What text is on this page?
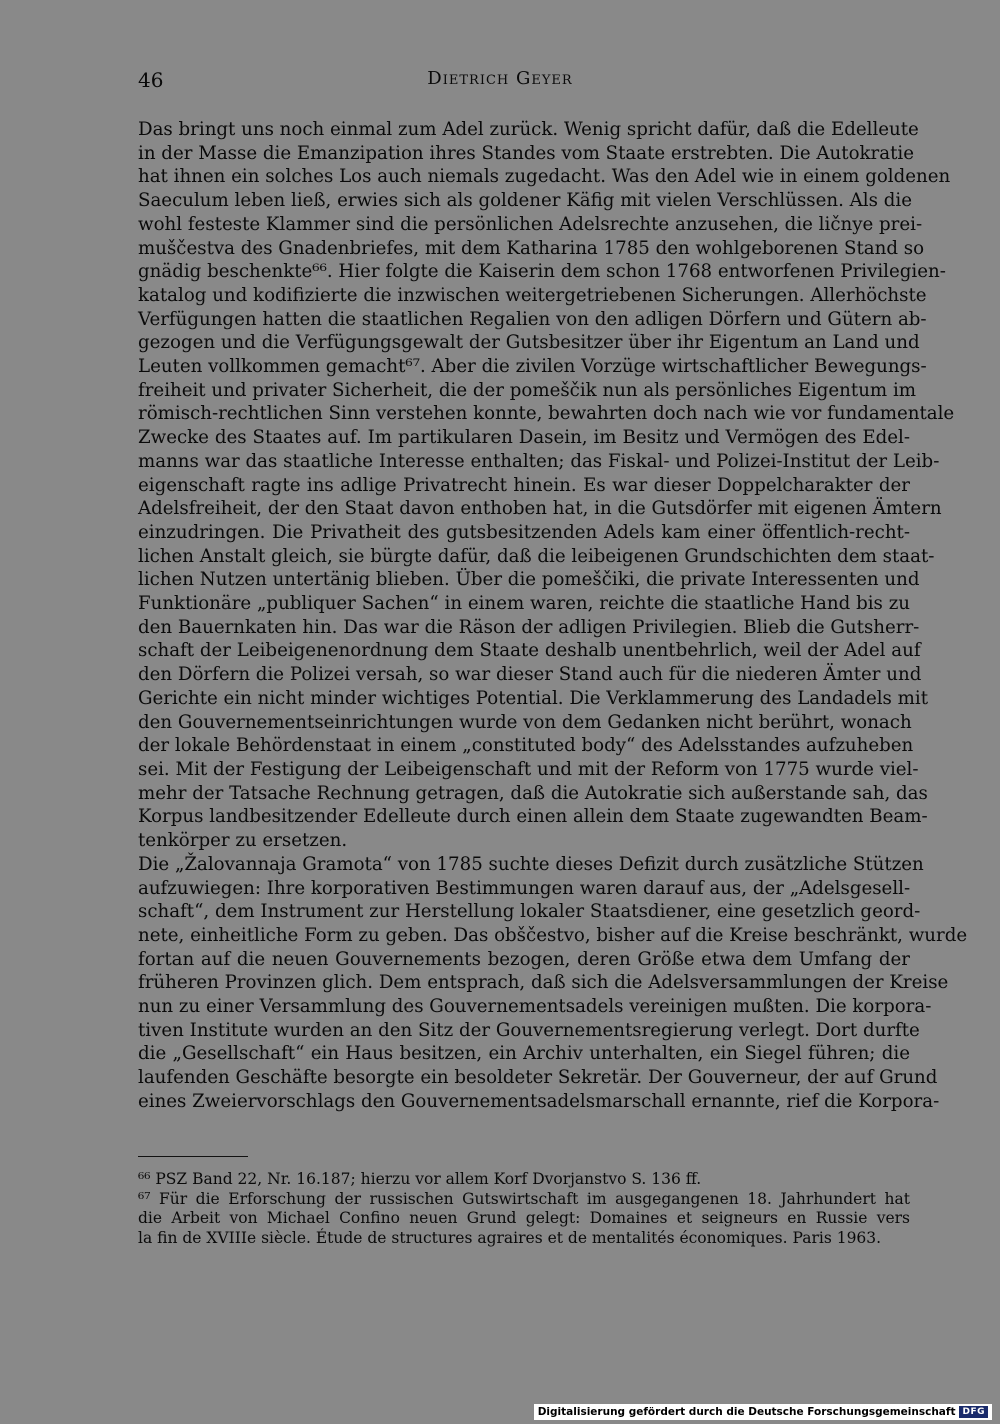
46	Dietrich Geyer
Das bringt uns noch einmal zum Adel zurück. Wenig spricht dafür, daß die Edelleute
in der Masse die Emanzipation ihres Standes vom Staate erstrebten. Die Autokratie
hat ihnen ein solches Los auch niemals zugedacht. Was den Adel wie in einem goldenen
Saeculum leben ließ, erwies sich als goldener Käfig mit vielen Verschlüssen. Als die
wohl festeste Klammer sind die persönlichen Adelsrechte anzusehen, die ličnye prei-
muščestva des Gnadenbriefes, mit dem Katharina 1785 den wohlgeborenen Stand so
gnädig beschenkte⁶⁶. Hier folgte die Kaiserin dem schon 1768 entworfenen Privilegien-
katalog und kodifizierte die inzwischen weitergetriebenen Sicherungen. Allerhöchste
Verfügungen hatten die staatlichen Regalien von den adligen Dörfern und Gütern ab-
gezogen und die Verfügungsgewalt der Gutsbesitzer über ihr Eigentum an Land und
Leuten vollkommen gemacht⁶⁷. Aber die zivilen Vorzüge wirtschaftlicher Bewegungs-
freiheit und privater Sicherheit, die der pomeščik nun als persönliches Eigentum im
römisch-rechtlichen Sinn verstehen konnte, bewahrten doch nach wie vor fundamentale
Zwecke des Staates auf. Im partikularen Dasein, im Besitz und Vermögen des Edel-
manns war das staatliche Interesse enthalten; das Fiskal- und Polizei-Institut der Leib-
eigenschaft ragte ins adlige Privatrecht hinein. Es war dieser Doppelcharakter der
Adelsfreiheit, der den Staat davon enthoben hat, in die Gutsdörfer mit eigenen Ämtern
einzudringen. Die Privatheit des gutsbesitzenden Adels kam einer öffentlich-recht-
lichen Anstalt gleich, sie bürgte dafür, daß die leibeigenen Grundschichten dem staat-
lichen Nutzen untertänig blieben. Über die pomeščiki, die private Interessenten und
Funktionäre „publiquer Sachen“ in einem waren, reichte die staatliche Hand bis zu
den Bauernkaten hin. Das war die Räson der adligen Privilegien. Blieb die Gutsherr-
schaft der Leibeigenenordnung dem Staate deshalb unentbehrlich, weil der Adel auf
den Dörfern die Polizei versah, so war dieser Stand auch für die niederen Ämter und
Gerichte ein nicht minder wichtiges Potential. Die Verklammerung des Landadels mit
den Gouvernementseinrichtungen wurde von dem Gedanken nicht berührt, wonach
der lokale Behördenstaat in einem „constituted body“ des Adelsstandes aufzuheben
sei. Mit der Festigung der Leibeigenschaft und mit der Reform von 1775 wurde viel-
mehr der Tatsache Rechnung getragen, daß die Autokratie sich außerstande sah, das
Korpus landbesitzender Edelleute durch einen allein dem Staate zugewandten Beam-
tenkörper zu ersetzen.
Die „Žalovannaja Gramota“ von 1785 suchte dieses Defizit durch zusätzliche Stützen
aufzuwiegen: Ihre korporativen Bestimmungen waren darauf aus, der „Adelsgesell-
schaft“, dem Instrument zur Herstellung lokaler Staatsdiener, eine gesetzlich geord-
nete, einheitliche Form zu geben. Das obščestvo, bisher auf die Kreise beschränkt, wurde
fortan auf die neuen Gouvernements bezogen, deren Größe etwa dem Umfang der
früheren Provinzen glich. Dem entsprach, daß sich die Adelsversammlungen der Kreise
nun zu einer Versammlung des Gouvernementsadels vereinigen mußten. Die korpora-
tiven Institute wurden an den Sitz der Gouvernementsregierung verlegt. Dort durfte
die „Gesellschaft“ ein Haus besitzen, ein Archiv unterhalten, ein Siegel führen; die
laufenden Geschäfte besorgte ein besoldeter Sekretär. Der Gouverneur, der auf Grund
eines Zweiervorschlags den Gouvernementsadelsmarschall ernannte, rief die Korpora-
⁶⁶ PSZ Band 22, Nr. 16.187; hierzu vor allem Korf Dvorjanstvo S. 136 ff.
⁶⁷ Für die Erforschung der russischen Gutswirtschaft im ausgegangenen 18. Jahrhundert hat
die Arbeit von Michael Confino neuen Grund gelegt: Domaines et seigneurs en Russie vers
la fin de XVIIIe siècle. Étude de structures agraires et de mentalités économiques. Paris 1963.
Digitalisierung gefördert durch die Deutsche Forschungsgemeinschaft DFG
